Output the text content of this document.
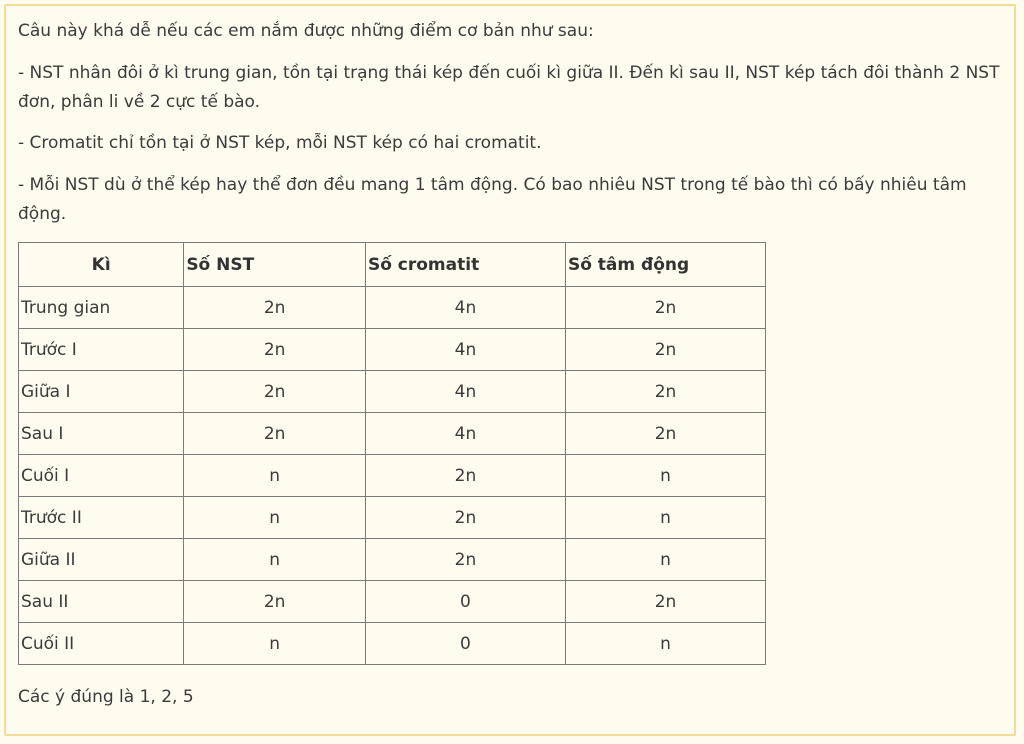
Câu này khá dễ nếu các em nắm được những điểm cơ bản như sau:

- NST nhân đôi ở kì trung gian, tồn tại trạng thái kép đến cuối kì giữa II. Đến kì sau II, NST kép tách đôi thành 2 NST đơn, phân li về 2 cực tế bào.

- Cromatit chỉ tồn tại ở NST kép, mỗi NST kép có hai cromatit.

- Mỗi NST dù ở thể kép hay thể đơn đều mang 1 tâm động. Có bao nhiêu NST trong tế bào thì có bấy nhiêu tâm động.

Kì	Số NST	Số cromatit	Số tâm động
Trung gian	2n	4n	2n
Trước I	2n	4n	2n
Giữa I	2n	4n	2n
Sau I	2n	4n	2n
Cuối I	n	2n	n
Trước II	n	2n	n
Giữa II	n	2n	n
Sau II	2n	0	2n
Cuối II	n	0	n

Các ý đúng là 1, 2, 5
